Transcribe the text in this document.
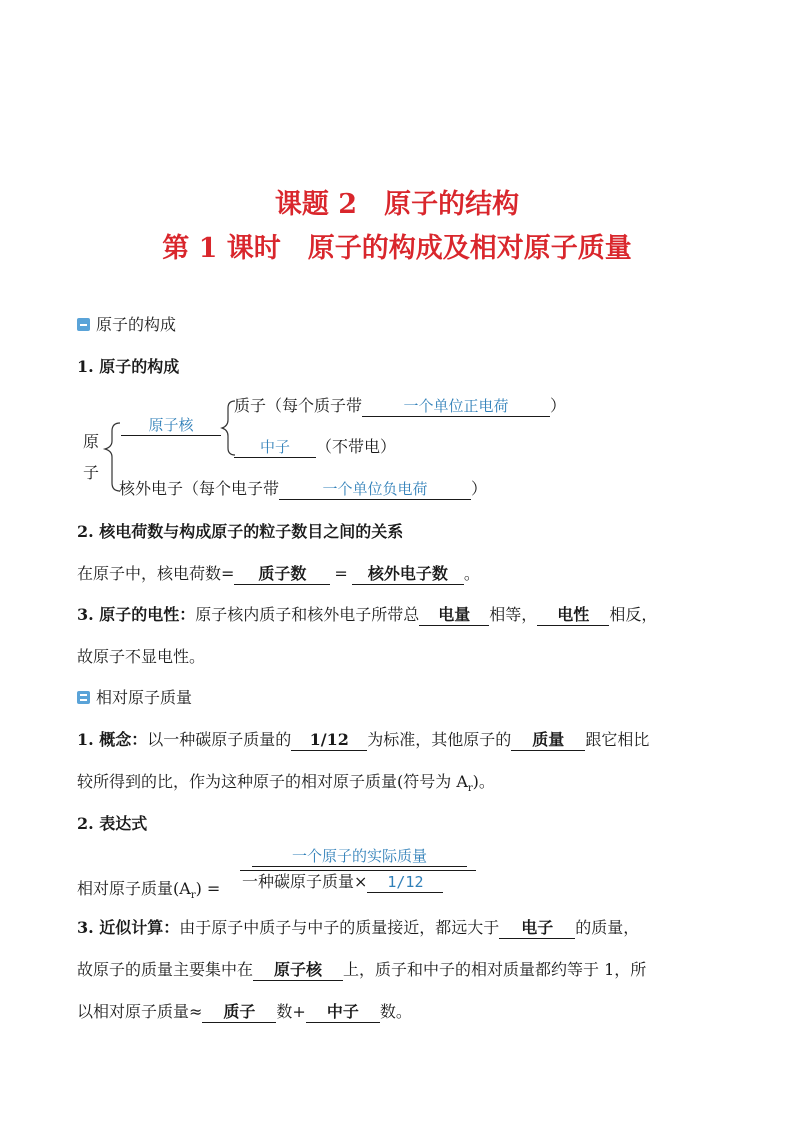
课题 2　原子的结构
第 1 课时　原子的构成及相对原子质量
原子的构成
1. 原子的构成
原
子
原子核
质子（每个质子带	一个单位正电荷	）
中子 （不带电）
核外电子（每个电子带	一个单位负电荷	）
2. 核电荷数与构成原子的粒子数目之间的关系
在原子中，核电荷数= 质子数 = 核外电子数 。
3. 原子的电性：原子核内质子和核外电子所带总 电量 相等， 电性 相反，
故原子不显电性。
相对原子质量
1. 概念：以一种碳原子质量的 1/12 为标准，其他原子的 质量 跟它相比
较所得到的比，作为这种原子的相对原子质量(符号为 $A_r$)。
2. 表达式
一个原子的实际质量
相对原子质量$(A_r)$ = 一种碳原子质量× 1/12
3. 近似计算：由于原子中质子与中子的质量接近，都远大于 电子 的质量，
故原子的质量主要集中在 原子核 上，质子和中子的相对质量都约等于 1，所
以相对原子质量≈ 质子 数+ 中子 数。
